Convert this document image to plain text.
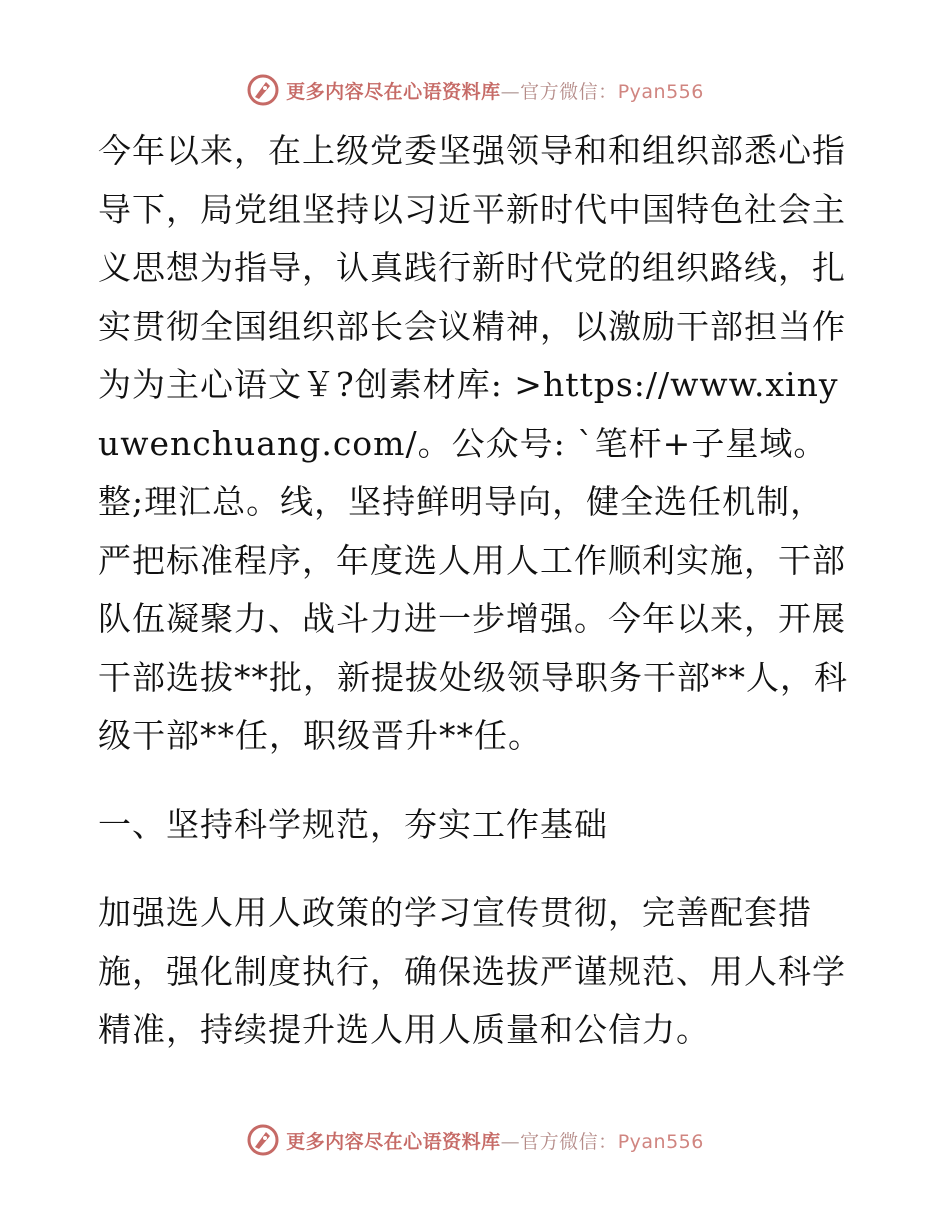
更多内容尽在心语资料库—官方微信：Pyan556

今年以来，在上级党委坚强领导和和组织部悉心指导下，局党组坚持以习近平新时代中国特色社会主义思想为指导，认真践行新时代党的组织路线，扎实贯彻全国组织部长会议精神，以激励干部担当作为为主心语文￥?创素材库: >https://www.xinyuwenchuang.com/。公众号: `笔杆+子星域。整;理汇总。线，坚持鲜明导向，健全选任机制，严把标准程序，年度选人用人工作顺利实施，干部队伍凝聚力、战斗力进一步增强。今年以来，开展干部选拔**批，新提拔处级领导职务干部**人，科级干部**任，职级晋升**任。

一、坚持科学规范，夯实工作基础

加强选人用人政策的学习宣传贯彻，完善配套措施，强化制度执行，确保选拔严谨规范、用人科学精准，持续提升选人用人质量和公信力。

更多内容尽在心语资料库—官方微信：Pyan556
